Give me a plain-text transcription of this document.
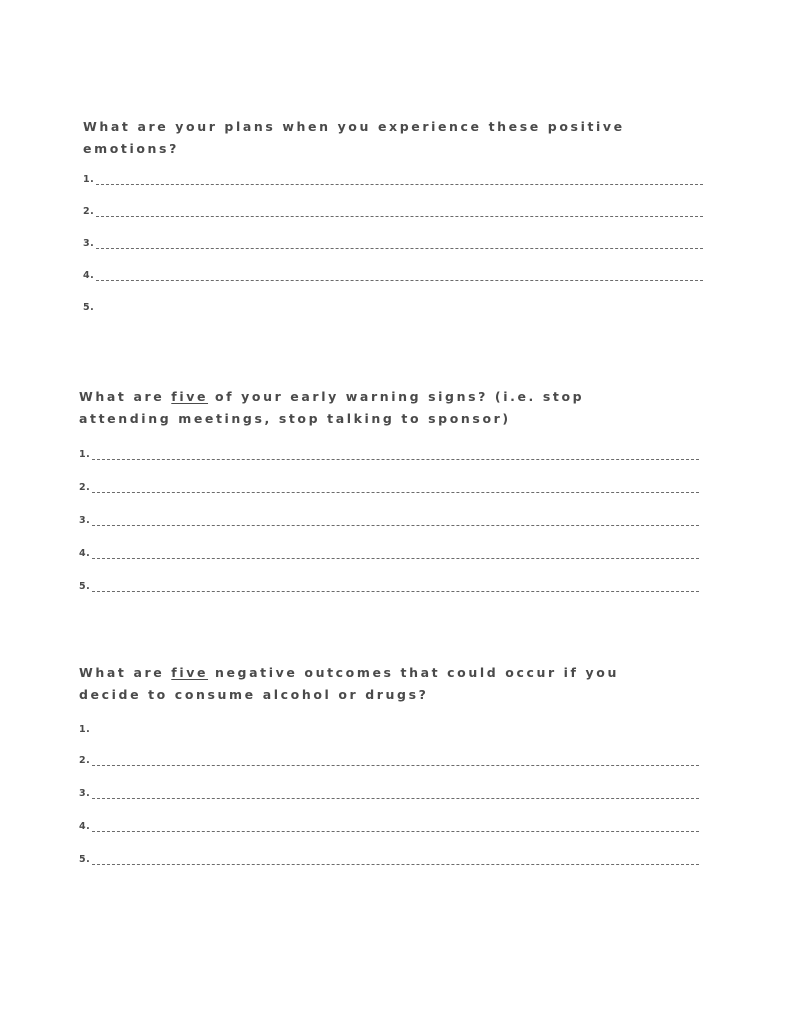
What are your plans when you experience these positive
emotions?

1.
2.
3.
4.
5.

What are five of your early warning signs? (i.e. stop
attending meetings, stop talking to sponsor)

1.
2.
3.
4.
5.

What are five negative outcomes that could occur if you
decide to consume alcohol or drugs?

1.
2.
3.
4.
5.
